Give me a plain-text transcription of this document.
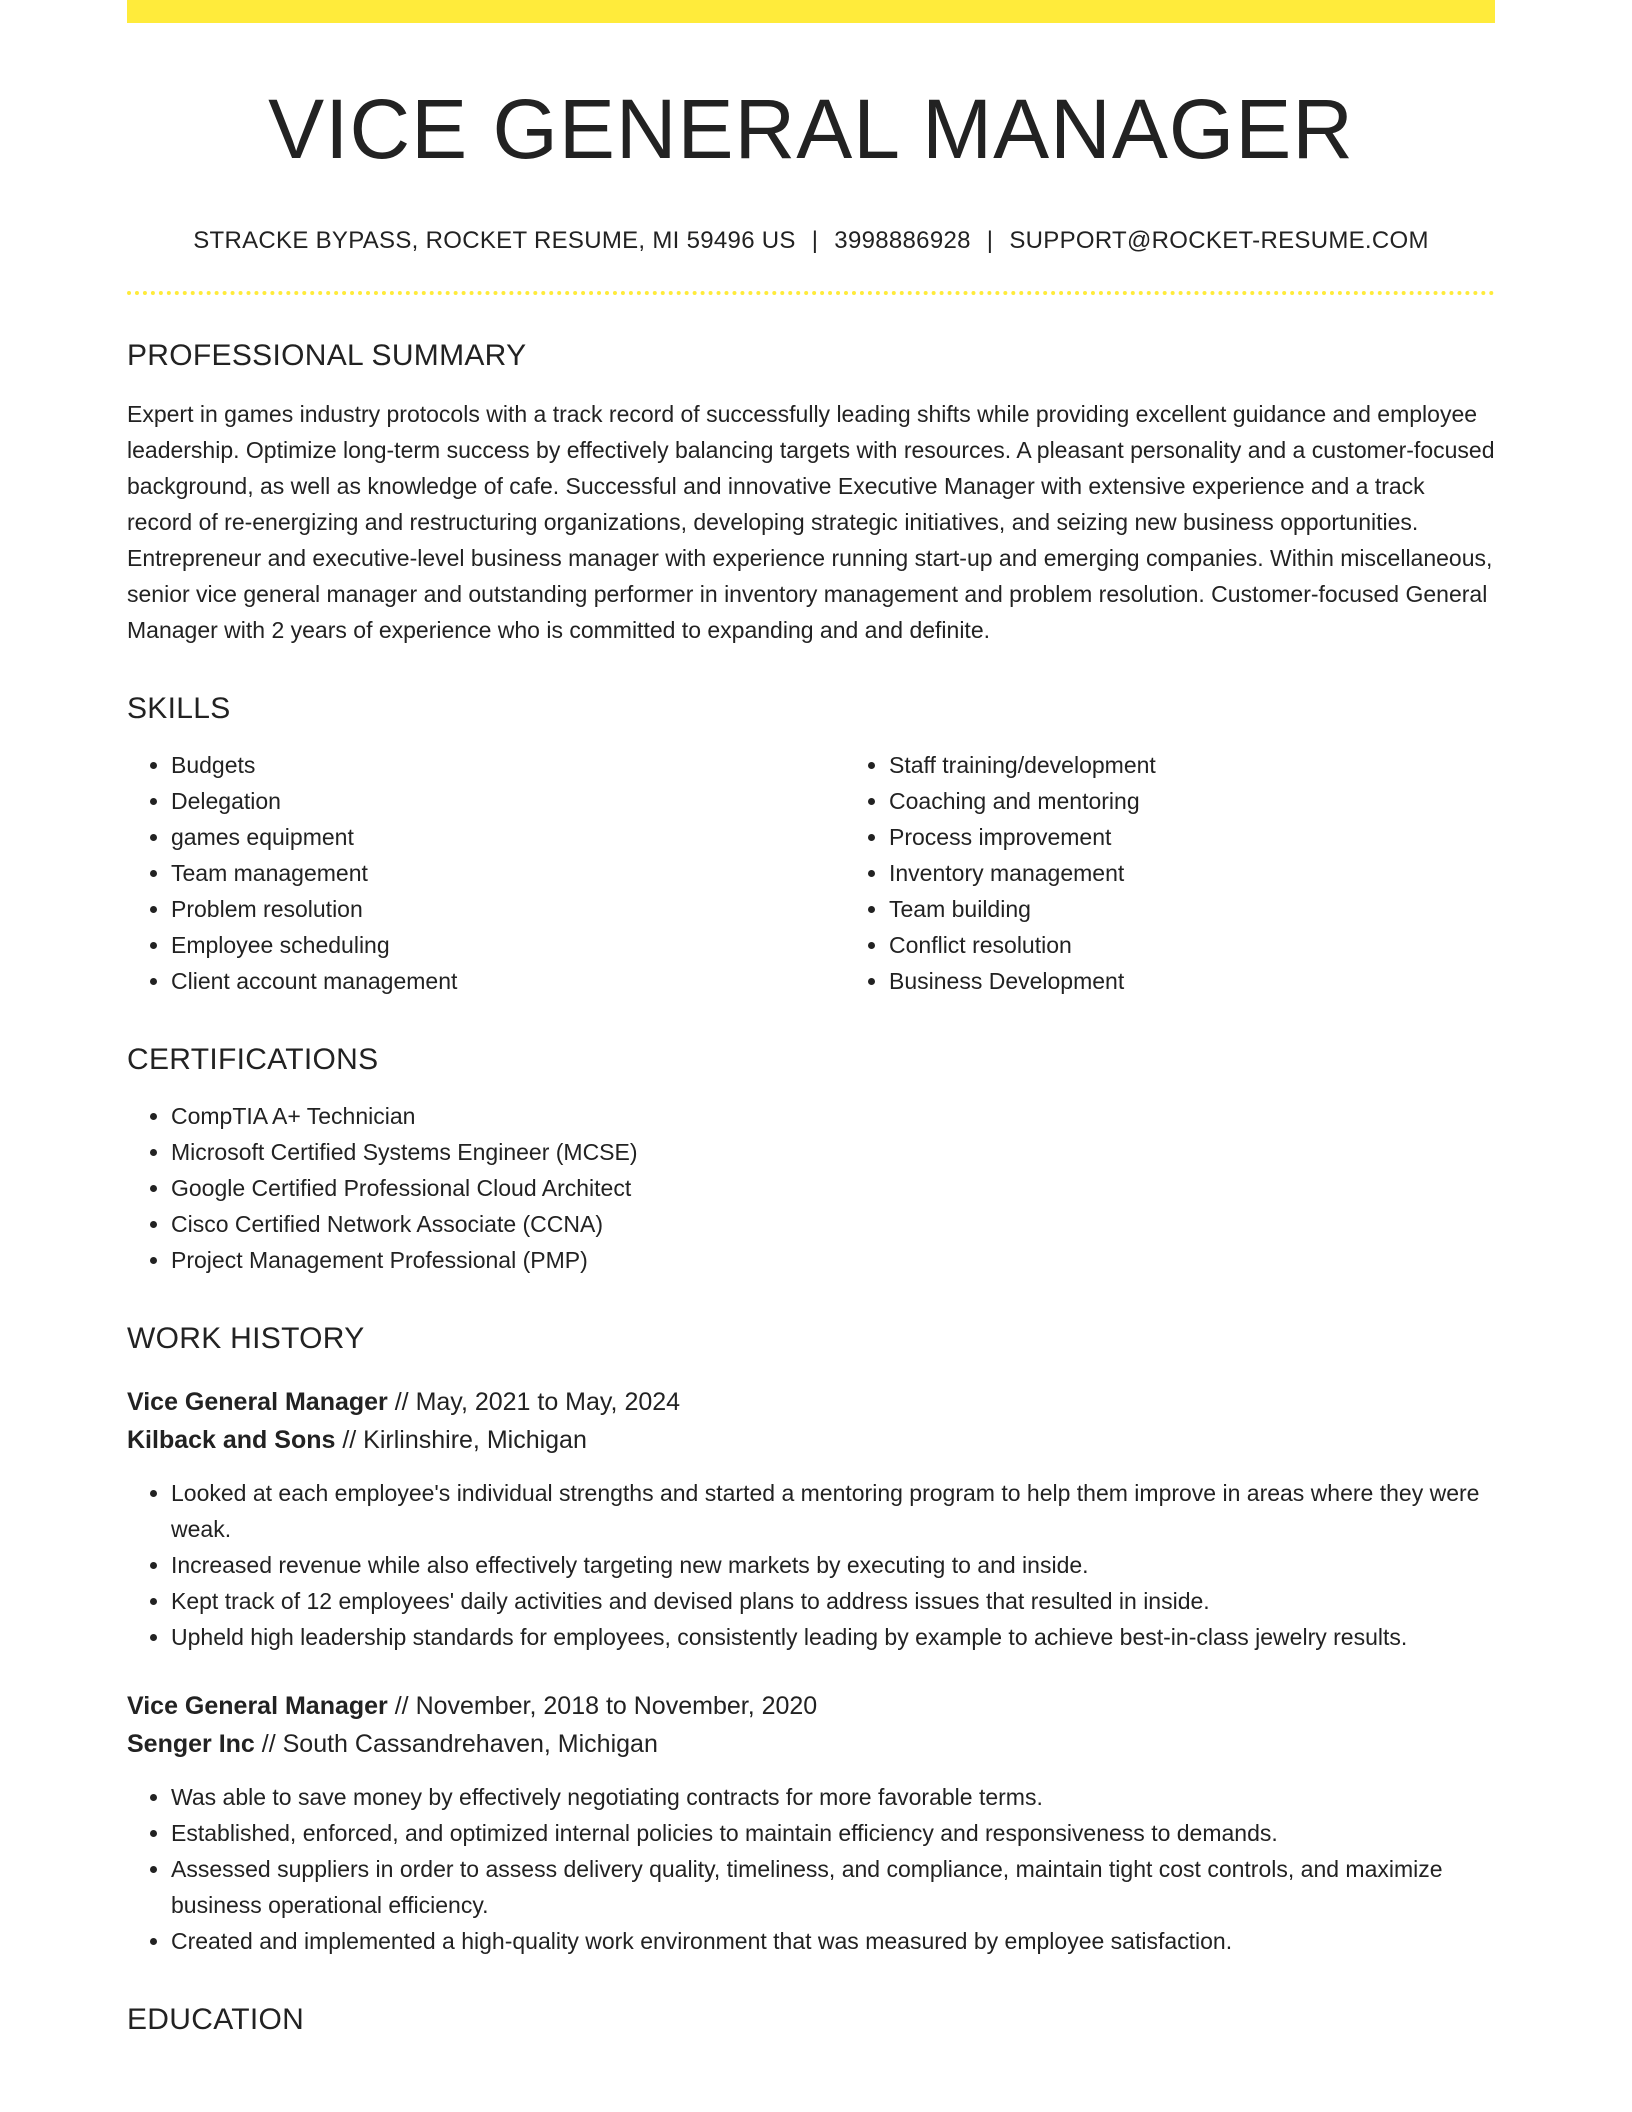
VICE GENERAL MANAGER
STRACKE BYPASS, ROCKET RESUME, MI 59496 US | 3998886928 | SUPPORT@ROCKET-RESUME.COM
PROFESSIONAL SUMMARY

Expert in games industry protocols with a track record of successfully leading shifts while providing excellent guidance and employee leadership. Optimize long-term success by effectively balancing targets with resources. A pleasant personality and a customer-focused background, as well as knowledge of cafe. Successful and innovative Executive Manager with extensive experience and a track record of re-energizing and restructuring organizations, developing strategic initiatives, and seizing new business opportunities. Entrepreneur and executive-level business manager with experience running start-up and emerging companies. Within miscellaneous, senior vice general manager and outstanding performer in inventory management and problem resolution. Customer-focused General Manager with 2 years of experience who is committed to expanding and and definite.

SKILLS
• Budgets
• Delegation
• games equipment
• Team management
• Problem resolution
• Employee scheduling
• Client account management
• Staff training/development
• Coaching and mentoring
• Process improvement
• Inventory management
• Team building
• Conflict resolution
• Business Development
CERTIFICATIONS
• CompTIA A+ Technician
• Microsoft Certified Systems Engineer (MCSE)
• Google Certified Professional Cloud Architect
• Cisco Certified Network Associate (CCNA)
• Project Management Professional (PMP)
WORK HISTORY
Vice General Manager // May, 2021 to May, 2024
Kilback and Sons // Kirlinshire, Michigan
• Looked at each employee's individual strengths and started a mentoring program to help them improve in areas where they were weak.
• Increased revenue while also effectively targeting new markets by executing to and inside.
• Kept track of 12 employees' daily activities and devised plans to address issues that resulted in inside.
• Upheld high leadership standards for employees, consistently leading by example to achieve best-in-class jewelry results.
Vice General Manager // November, 2018 to November, 2020
Senger Inc // South Cassandrehaven, Michigan
• Was able to save money by effectively negotiating contracts for more favorable terms.
• Established, enforced, and optimized internal policies to maintain efficiency and responsiveness to demands.
• Assessed suppliers in order to assess delivery quality, timeliness, and compliance, maintain tight cost controls, and maximize business operational efficiency.
• Created and implemented a high-quality work environment that was measured by employee satisfaction.
EDUCATION
